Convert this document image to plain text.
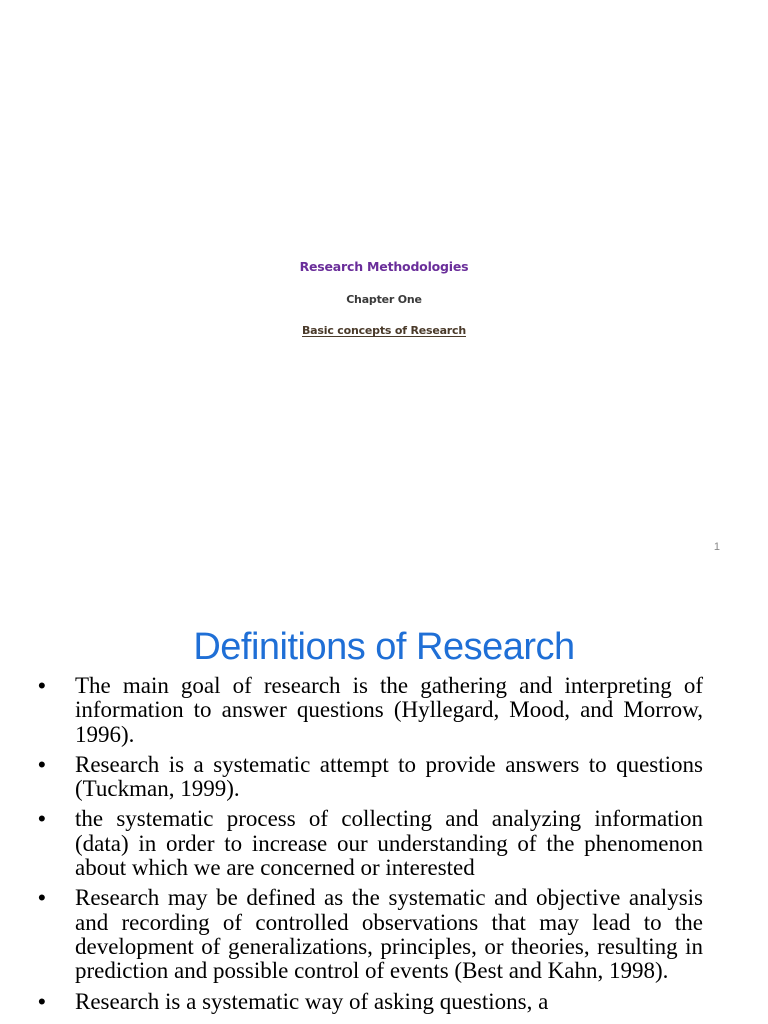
Research Methodologies
Chapter One
Basic concepts of Research
1
Definitions of Research
• The main goal of research is the gathering and interpreting of information to answer questions (Hyllegard, Mood, and Morrow, 1996).
• Research is a systematic attempt to provide answers to questions (Tuckman, 1999).
• the systematic process of collecting and analyzing information (data) in order to increase our understanding of the phenomenon about which we are concerned or interested
• Research may be defined as the systematic and objective analysis and recording of controlled observations that may lead to the development of generalizations, principles, or theories, resulting in prediction and possible control of events (Best and Kahn, 1998).
• Research is a systematic way of asking questions, a
